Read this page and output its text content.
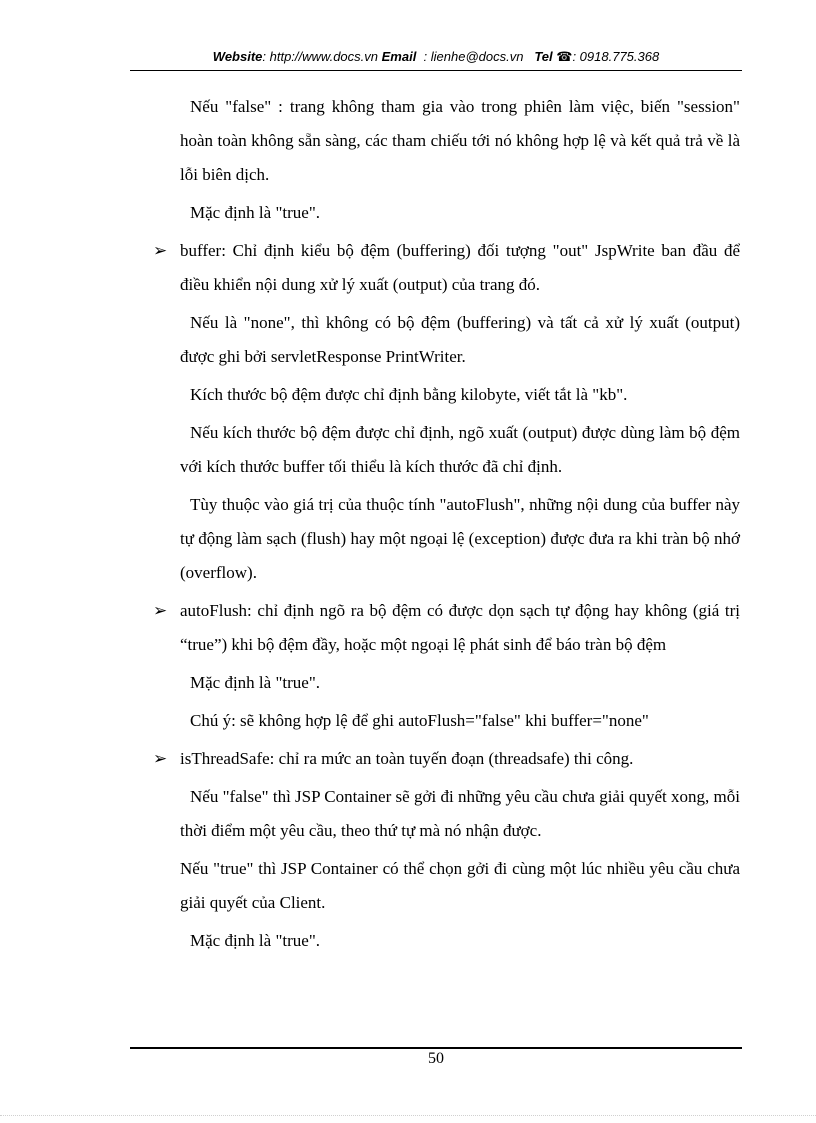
Website: http://www.docs.vn Email : lienhe@docs.vn Tel ☎: 0918.775.368
Nếu "false" : trang không tham gia vào trong phiên làm việc, biến "session" hoàn toàn không sẵn sàng, các tham chiếu tới nó không hợp lệ và kết quả trả về là lỗi biên dịch.
Mặc định là "true".
➢ buffer: Chỉ định kiểu bộ đệm (buffering) đối tượng "out" JspWrite ban đầu để điều khiển nội dung xử lý xuất (output) của trang đó.
Nếu là "none", thì không có bộ đệm (buffering) và tất cả xử lý xuất (output) được ghi bởi servletResponse PrintWriter.
Kích thước bộ đệm được chỉ định bằng kilobyte, viết tắt là "kb".
Nếu kích thước bộ đệm được chỉ định, ngõ xuất (output) được dùng làm bộ đệm với kích thước buffer tối thiểu là kích thước đã chỉ định.
Tùy thuộc vào giá trị của thuộc tính "autoFlush", những nội dung của buffer này tự động làm sạch (flush) hay một ngoại lệ (exception) được đưa ra khi tràn bộ nhớ (overflow).
➢ autoFlush: chỉ định ngõ ra bộ đệm có được dọn sạch tự động hay không (giá trị “true”) khi bộ đệm đầy, hoặc một ngoại lệ phát sinh để báo tràn bộ đệm
Mặc định là "true".
Chú ý: sẽ không hợp lệ để ghi autoFlush="false" khi buffer="none"
➢ isThreadSafe: chỉ ra mức an toàn tuyến đoạn (threadsafe) thi công.
Nếu "false" thì JSP Container sẽ gởi đi những yêu cầu chưa giải quyết xong, mỗi thời điểm một yêu cầu, theo thứ tự mà nó nhận được.
Nếu "true" thì JSP Container có thể chọn gởi đi cùng một lúc nhiều yêu cầu chưa giải quyết của Client.
Mặc định là "true".
50
